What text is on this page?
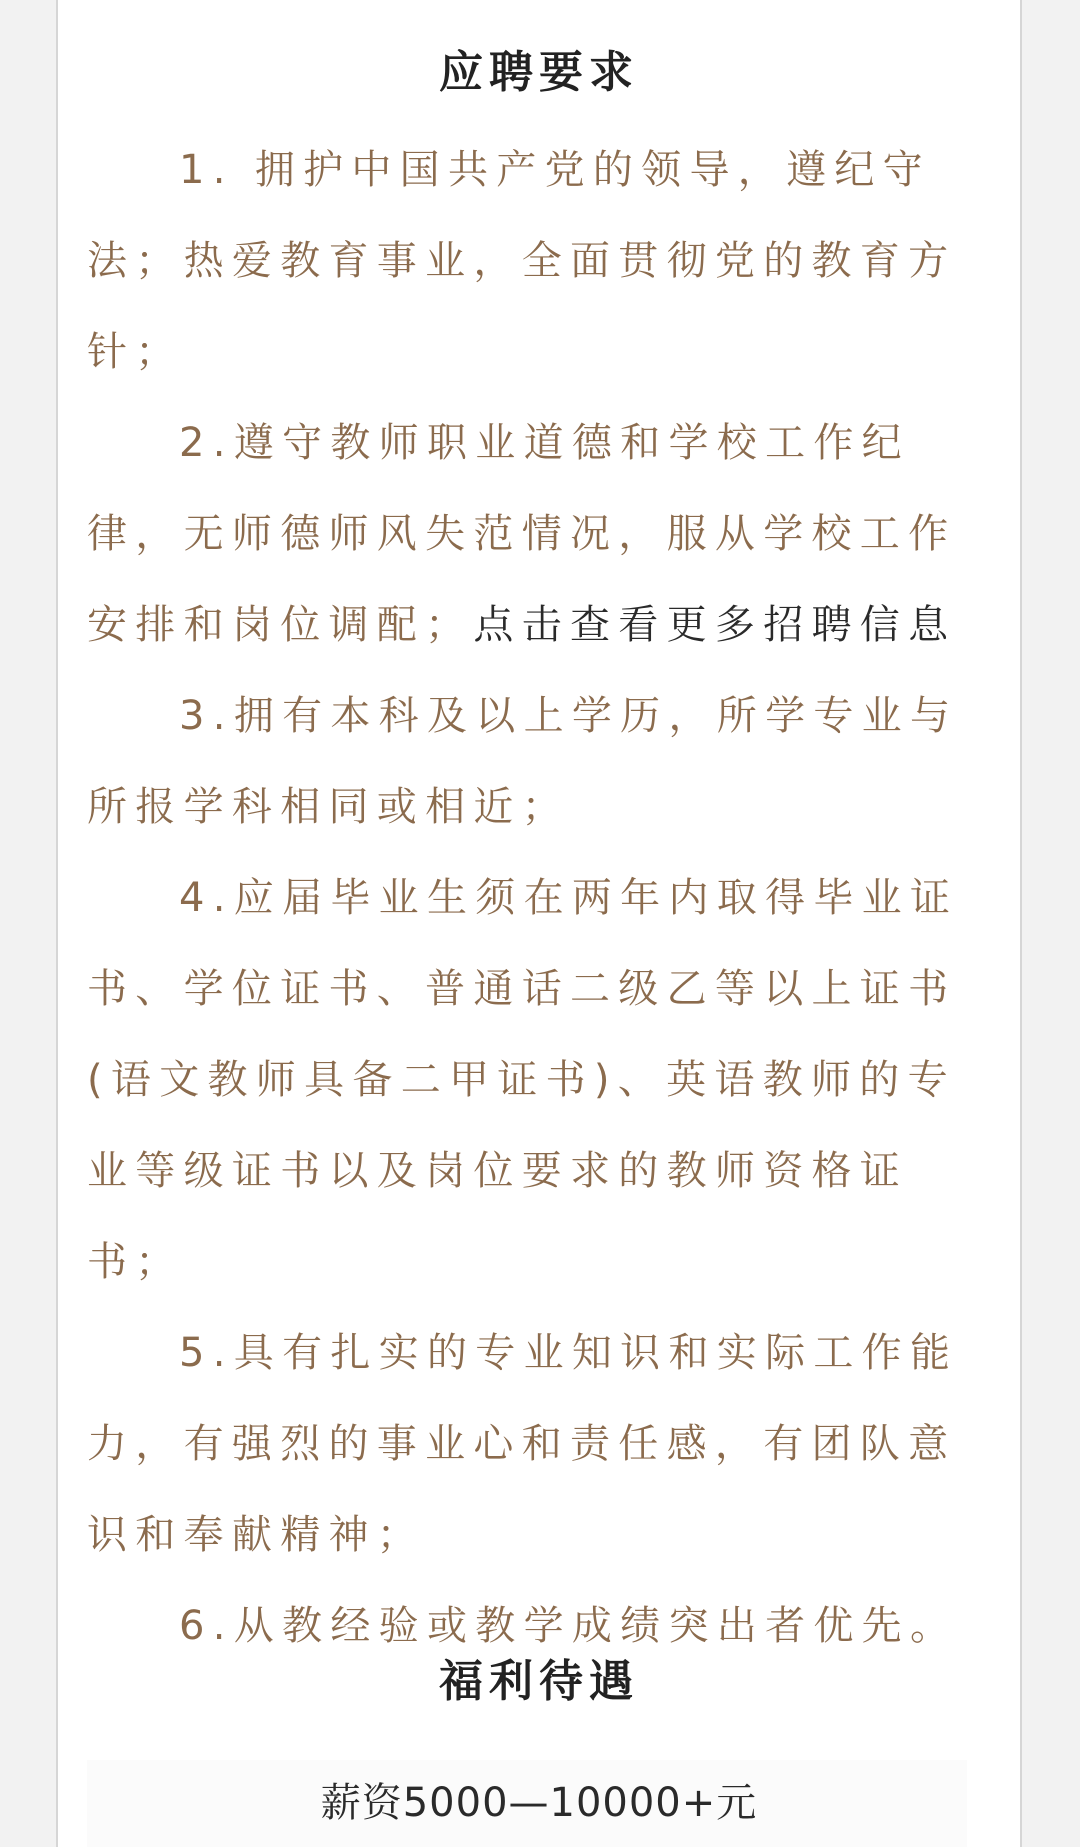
应聘要求
1. 拥护中国共产党的领导，遵纪守法；热爱教育事业，全面贯彻党的教育方针；
2.遵守教师职业道德和学校工作纪律，无师德师风失范情况，服从学校工作安排和岗位调配；点击查看更多招聘信息
3.拥有本科及以上学历，所学专业与所报学科相同或相近；
4.应届毕业生须在两年内取得毕业证书、学位证书、普通话二级乙等以上证书(语文教师具备二甲证书)、英语教师的专业等级证书以及岗位要求的教师资格证书；
5.具有扎实的专业知识和实际工作能力，有强烈的事业心和责任感，有团队意识和奉献精神；
6.从教经验或教学成绩突出者优先。
福利待遇

薪资5000—10000+元
